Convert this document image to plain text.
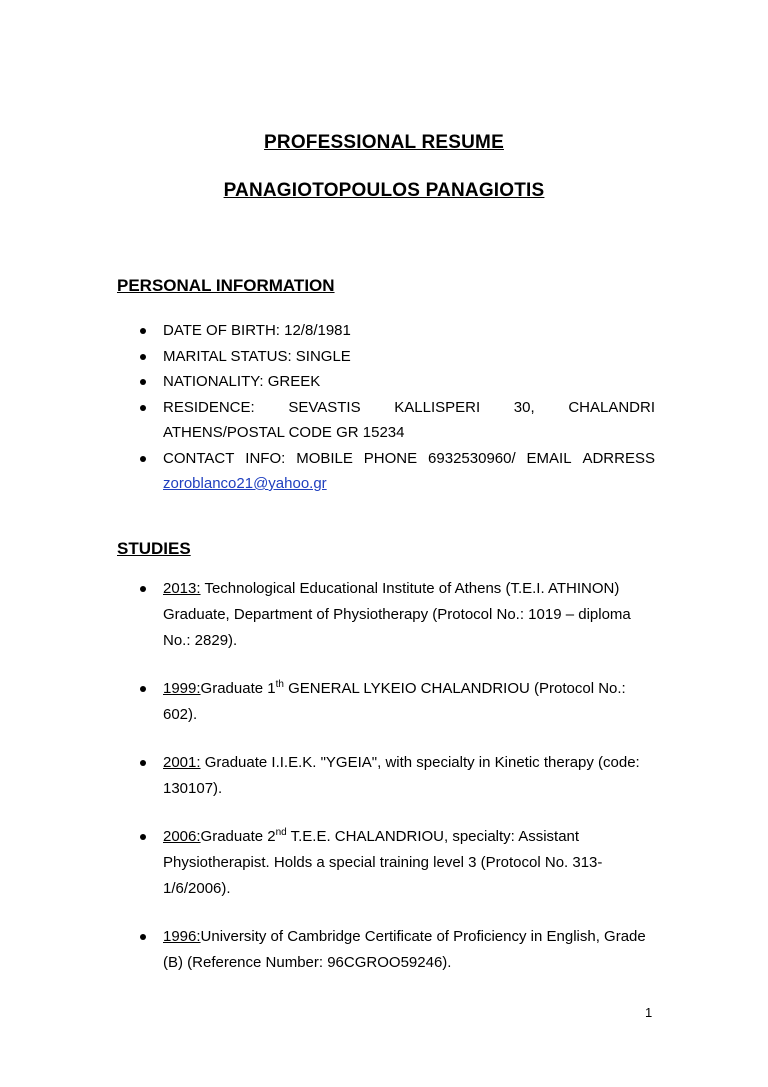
PROFESSIONAL RESUME
PANAGIOTOPOULOS PANAGIOTIS
PERSONAL INFORMATION
DATE OF BIRTH: 12/8/1981
MARITAL STATUS: SINGLE
NATIONALITY: GREEK
RESIDENCE: SEVASTIS KALLISPERI 30, CHALANDRI ATHENS/POSTAL CODE GR 15234
CONTACT INFO: MOBILE PHONE 6932530960/ EMAIL ADRRESS
zoroblanco21@yahoo.gr
STUDIES
2013: Technological Educational Institute of Athens (T.E.I. ATHINON) Graduate, Department of Physiotherapy (Protocol No.: 1019 – diploma No.: 2829).
1999:Graduate 1th GENERAL LYKEIO CHALANDRIOU (Protocol No.: 602).
2001: Graduate I.I.E.K. "YGEIA", with specialty in Kinetic therapy (code: 130107).
2006:Graduate 2nd T.E.E. CHALANDRIOU, specialty: Assistant Physiotherapist. Holds a special training level 3 (Protocol No. 313-1/6/2006).
1996:University of Cambridge Certificate of Proficiency in English, Grade (B) (Reference Number: 96CGROO59246).
1
